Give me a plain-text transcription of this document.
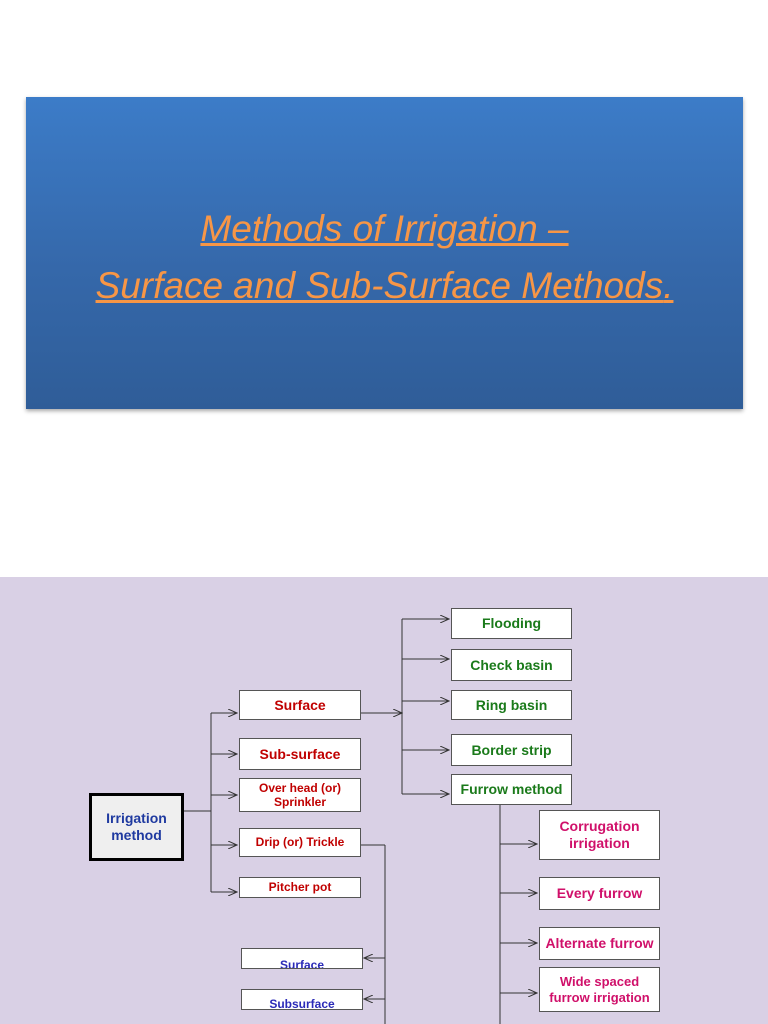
Methods of Irrigation –
Surface and Sub-Surface Methods.
Irrigation method
Surface
Sub-surface
Over head (or) Sprinkler
Drip (or) Trickle
Pitcher pot
Flooding
Check basin
Ring basin
Border strip
Furrow method
Corrugation irrigation
Every furrow
Alternate furrow
Wide spaced furrow irrigation
Surface
Subsurface
